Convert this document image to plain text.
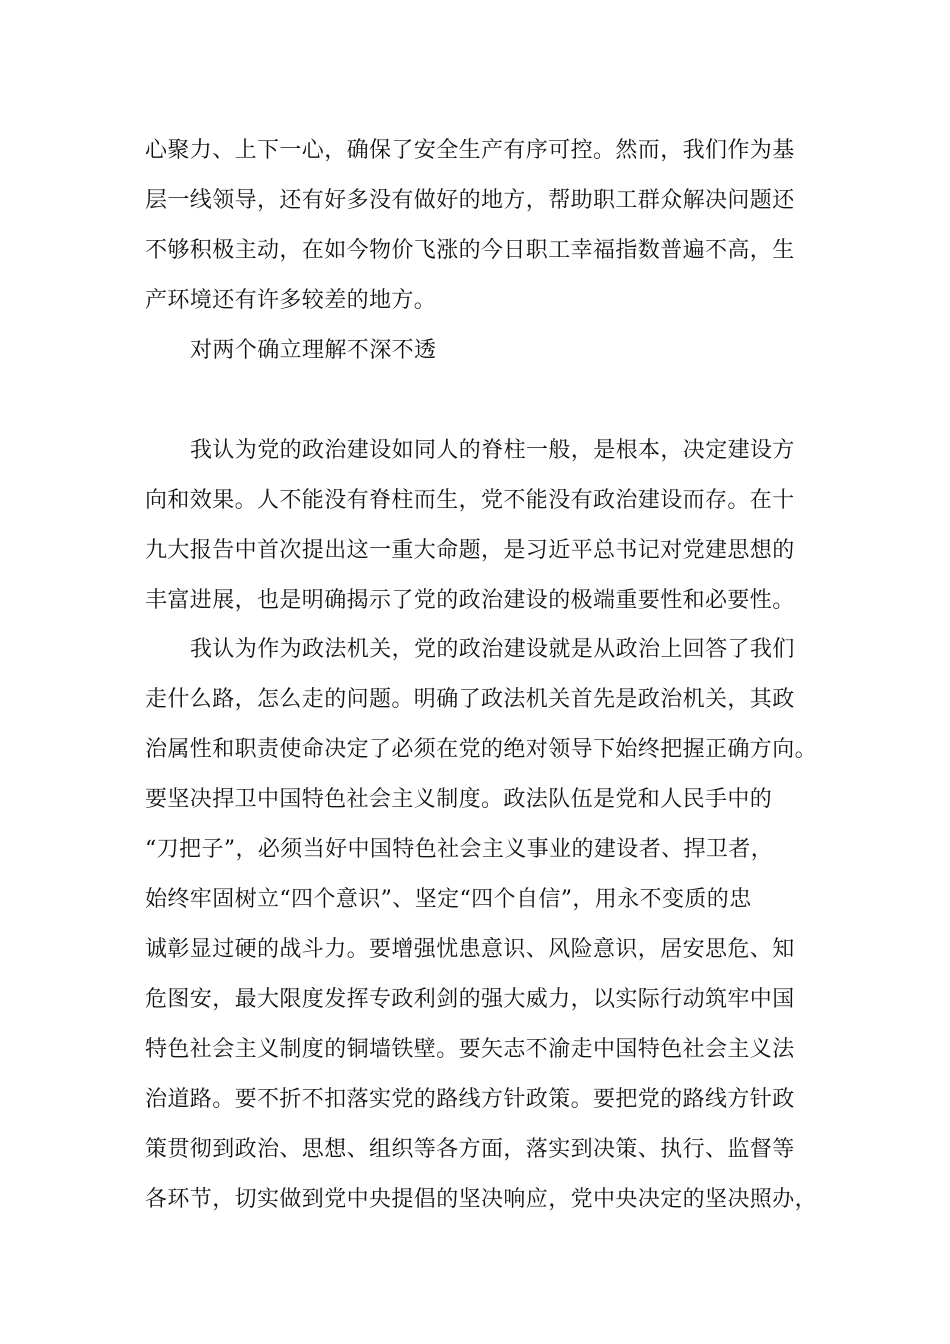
心聚力、上下一心，确保了安全生产有序可控。然而，我们作为基
层一线领导，还有好多没有做好的地方，帮助职工群众解决问题还
不够积极主动，在如今物价飞涨的今日职工幸福指数普遍不高，生
产环境还有许多较差的地方。
对两个确立理解不深不透
我认为党的政治建设如同人的脊柱一般，是根本，决定建设方
向和效果。人不能没有脊柱而生，党不能没有政治建设而存。在十
九大报告中首次提出这一重大命题，是习近平总书记对党建思想的
丰富进展，也是明确揭示了党的政治建设的极端重要性和必要性。
我认为作为政法机关，党的政治建设就是从政治上回答了我们
走什么路，怎么走的问题。明确了政法机关首先是政治机关，其政
治属性和职责使命决定了必须在党的绝对领导下始终把握正确方向。
要坚决捍卫中国特色社会主义制度。政法队伍是党和人民手中的
“刀把子”，必须当好中国特色社会主义事业的建设者、捍卫者，
始终牢固树立“四个意识”、坚定“四个自信”，用永不变质的忠
诚彰显过硬的战斗力。要增强忧患意识、风险意识，居安思危、知
危图安，最大限度发挥专政利剑的强大威力，以实际行动筑牢中国
特色社会主义制度的铜墙铁壁。要矢志不渝走中国特色社会主义法
治道路。要不折不扣落实党的路线方针政策。要把党的路线方针政
策贯彻到政治、思想、组织等各方面，落实到决策、执行、监督等
各环节，切实做到党中央提倡的坚决响应，党中央决定的坚决照办，
